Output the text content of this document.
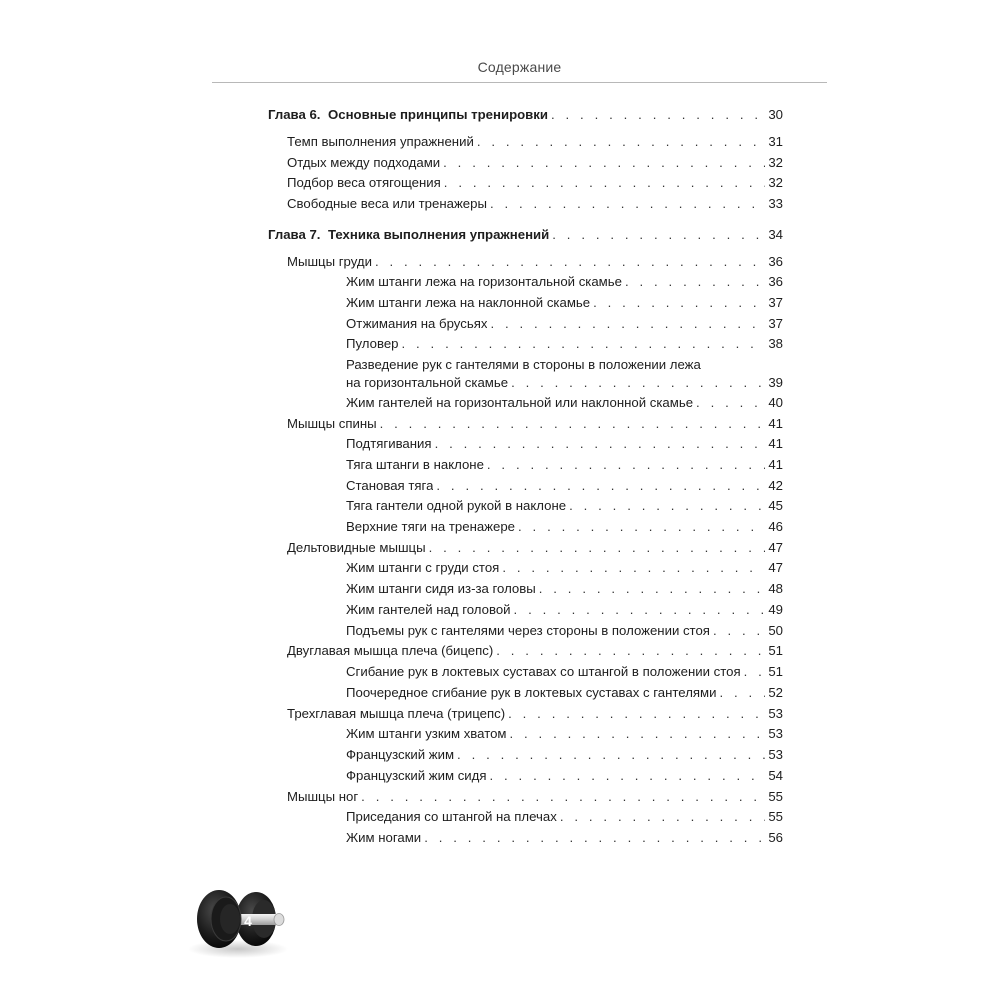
Содержание
Глава 6. Основные принципы тренировки . . .	30
Темп выполнения упражнений . . .	31
Отдых между подходами . . .	32
Подбор веса отягощения . . .	32
Свободные веса или тренажеры . . .	33
Глава 7. Техника выполнения упражнений . . .	34
Мышцы груди . . .	36
Жим штанги лежа на горизонтальной скамье . . .	36
Жим штанги лежа на наклонной скамье . . .	37
Отжимания на брусьях . . .	37
Пуловер . . .	38
Разведение рук с гантелями в стороны в положении лежа
на горизонтальной скамье . . .	39
Жим гантелей на горизонтальной или наклонной скамье . . .	40
Мышцы спины . . .	41
Подтягивания . . .	41
Тяга штанги в наклоне . . .	41
Становая тяга . . .	42
Тяга гантели одной рукой в наклоне . . .	45
Верхние тяги на тренажере . . .	46
Дельтовидные мышцы . . .	47
Жим штанги с груди стоя . . .	47
Жим штанги сидя из-за головы . . .	48
Жим гантелей над головой . . .	49
Подъемы рук с гантелями через стороны в положении стоя . . .	50
Двуглавая мышца плеча (бицепс) . . .	51
Сгибание рук в локтевых суставах со штангой в положении стоя . . . 51
Поочередное сгибание рук в локтевых суставах с гантелями . . .	52
Трехглавая мышца плеча (трицепс) . . .	53
Жим штанги узким хватом . . .	53
Французский жим . . .	53
Французский жим сидя . . .	54
Мышцы ног . . .	55
Приседания со штангой на плечах . . .	55
Жим ногами . . .	56
4
